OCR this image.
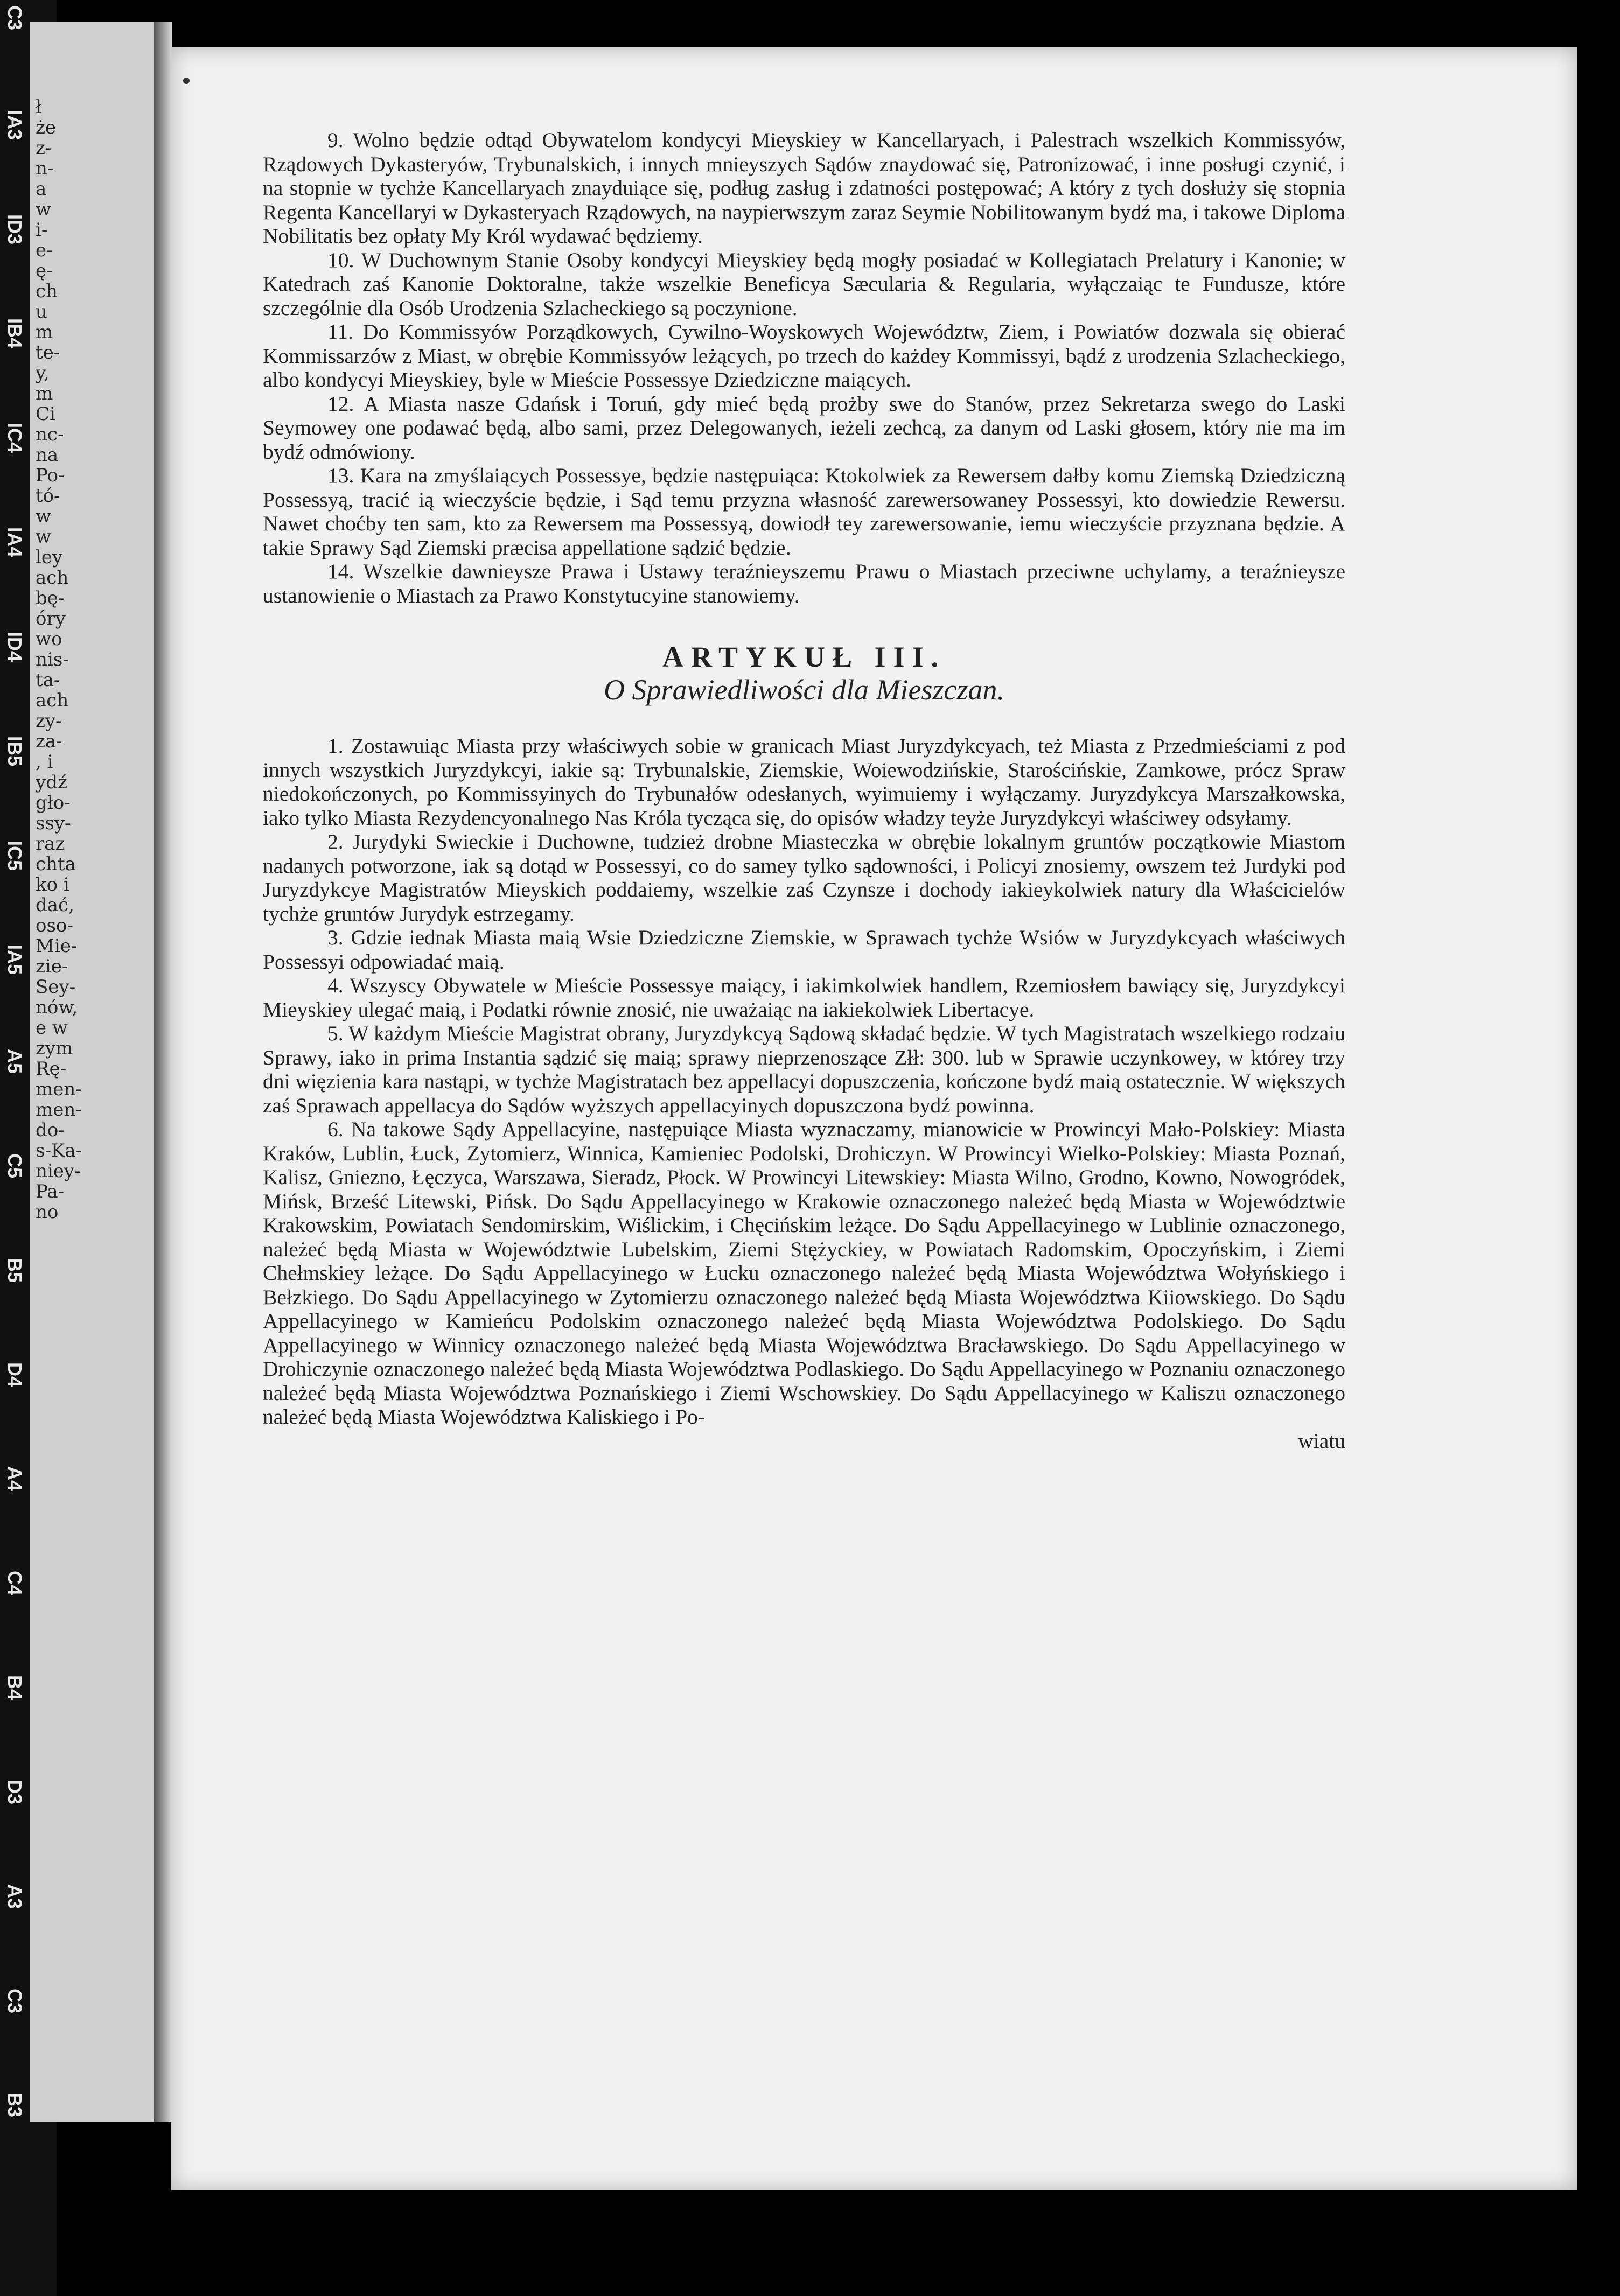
C3
IA3
ID3
IB4
IC4
IA4
ID4
IB5
IC5
IA5
A5
C5
B5
D4
A4
C4
B4
D3
A3
C3
B3
ł
że
z-
n-
a
w
i-
e-
ę-
ch
u
m
te-
y,
m
Ci
nc-
na
Po-
tó-
w
w
ley
ach
bę-
óry
wo
nis-
ta-
ach
zy-
za-
, i
ydź
gło-
ssy-
raz
chta
ko i
dać,
oso-
Mie-
zie-
Sey-
nów,
e w
zym
Rę-
men-
men-
do-
s-Ka-
niey-
Pa-
no

9. Wolno będzie odtąd Obywatelom kondycyi Mieyskiey w Kancellaryach, i Palestrach wszelkich Kommissyów, Rządowych Dykasteryów, Trybunalskich, i innych mnieyszych Sądów znaydować się, Patronizować, i inne posługi czynić, i na stopnie w tychże Kancellaryach znayduiące się, podług zasług i zdatności postępować; A który z tych dosłuży się stopnia Regenta Kancellaryi w Dykasteryach Rządowych, na naypierwszym zaraz Seymie Nobilitowanym bydź ma, i takowe Diploma Nobilitatis bez opłaty My Król wydawać będziemy.

10. W Duchownym Stanie Osoby kondycyi Mieyskiey będą mogły posiadać w Kollegiatach Prelatury i Kanonie; w Katedrach zaś Kanonie Doktoralne, także wszelkie Beneficya Sæcularia & Regularia, wyłączaiąc te Fundusze, które szczególnie dla Osób Urodzenia Szlacheckiego są poczynione.

11. Do Kommissyów Porządkowych, Cywilno-Woyskowych Województw, Ziem, i Powiatów dozwala się obierać Kommissarzów z Miast, w obrębie Kommissyów leżących, po trzech do każdey Kommissyi, bądź z urodzenia Szlacheckiego, albo kondycyi Mieyskiey, byle w Mieście Possessye Dziedziczne maiących.

12. A Miasta nasze Gdańsk i Toruń, gdy mieć będą prożby swe do Stanów, przez Sekretarza swego do Laski Seymowey one podawać będą, albo sami, przez Delegowanych, ieżeli zechcą, za danym od Laski głosem, który nie ma im bydź odmówiony.

13. Kara na zmyślaiących Possessye, będzie następuiąca: Ktokolwiek za Rewersem dałby komu Ziemską Dziedziczną Possessyą, tracić ią wieczyście będzie, i Sąd temu przyzna własność zarewersowaney Possessyi, kto dowiedzie Rewersu. Nawet choćby ten sam, kto za Rewersem ma Possessyą, dowiodł tey zarewersowanie, iemu wieczyście przyznana będzie. A takie Sprawy Sąd Ziemski præcisa appellatione sądzić będzie.

14. Wszelkie dawnieysze Prawa i Ustawy teraźnieyszemu Prawu o Miastach przeciwne uchylamy, a teraźnieysze ustanowienie o Miastach za Prawo Konstytucyine stanowiemy.

ARTYKUŁ III.
O Sprawiedliwości dla Mieszczan.

1. Zostawuiąc Miasta przy właściwych sobie w granicach Miast Juryzdykcyach, też Miasta z Przedmieściami z pod innych wszystkich Juryzdykcyi, iakie są: Trybunalskie, Ziemskie, Woiewodzińskie, Starościńskie, Zamkowe, prócz Spraw niedokończonych, po Kommissyinych do Trybunałów odesłanych, wyimuiemy i wyłączamy. Juryzdykcya Marszałkowska, iako tylko Miasta Rezydencyonalnego Nas Króla tycząca się, do opisów władzy teyże Juryzdykcyi właściwey odsyłamy.

2. Jurydyki Swieckie i Duchowne, tudzież drobne Miasteczka w obrębie lokalnym gruntów początkowie Miastom nadanych potworzone, iak są dotąd w Possessyi, co do samey tylko sądowności, i Policyi znosiemy, owszem też Jurdyki pod Juryzdykcye Magistratów Mieyskich poddaiemy, wszelkie zaś Czynsze i dochody iakieykolwiek natury dla Właścicielów tychże gruntów Jurydyk estrzegamy.

3. Gdzie iednak Miasta maią Wsie Dziedziczne Ziemskie, w Sprawach tychże Wsiów w Juryzdykcyach właściwych Possessyi odpowiadać maią.

4. Wszyscy Obywatele w Mieście Possessye maiący, i iakimkolwiek handlem, Rzemiosłem bawiący się, Juryzdykcyi Mieyskiey ulegać maią, i Podatki równie znosić, nie uważaiąc na iakiekolwiek Libertacye.

5. W każdym Mieście Magistrat obrany, Juryzdykcyą Sądową składać będzie. W tych Magistratach wszelkiego rodzaiu Sprawy, iako in prima Instantia sądzić się maią; sprawy nieprzenoszące Złł: 300. lub w Sprawie uczynkowey, w którey trzy dni więzienia kara nastąpi, w tychże Magistratach bez appellacyi dopuszczenia, kończone bydź maią ostatecznie. W większych zaś Sprawach appellacya do Sądów wyższych appellacyinych dopuszczona bydź powinna.

6. Na takowe Sądy Appellacyine, następuiące Miasta wyznaczamy, mianowicie w Prowincyi Mało-Polskiey: Miasta Kraków, Lublin, Łuck, Zytomierz, Winnica, Kamieniec Podolski, Drohiczyn. W Prowincyi Wielko-Polskiey: Miasta Poznań, Kalisz, Gniezno, Łęczyca, Warszawa, Sieradz, Płock. W Prowincyi Litewskiey: Miasta Wilno, Grodno, Kowno, Nowogródek, Mińsk, Brześć Litewski, Pińsk. Do Sądu Appellacyinego w Krakowie oznaczonego należeć będą Miasta w Województwie Krakowskim, Powiatach Sendomirskim, Wiślickim, i Chęcińskim leżące. Do Sądu Appellacyinego w Lublinie oznaczonego, należeć będą Miasta w Województwie Lubelskim, Ziemi Stężyckiey, w Powiatach Radomskim, Opoczyńskim, i Ziemi Chełmskiey leżące. Do Sądu Appellacyinego w Łucku oznaczonego należeć będą Miasta Województwa Wołyńskiego i Bełzkiego. Do Sądu Appellacyinego w Zytomierzu oznaczonego należeć będą Miasta Województwa Kiiowskiego. Do Sądu Appellacyinego w Kamieńcu Podolskim oznaczonego należeć będą Miasta Województwa Podolskiego. Do Sądu Appellacyinego w Winnicy oznaczonego należeć będą Miasta Województwa Bracławskiego. Do Sądu Appellacyinego w Drohiczynie oznaczonego należeć będą Miasta Województwa Podlaskiego. Do Sądu Appellacyinego w Poznaniu oznaczonego należeć będą Miasta Województwa Poznańskiego i Ziemi Wschowskiey. Do Sądu Appellacyinego w Kaliszu oznaczonego należeć będą Miasta Województwa Kaliskiego i Po-

wiatu
